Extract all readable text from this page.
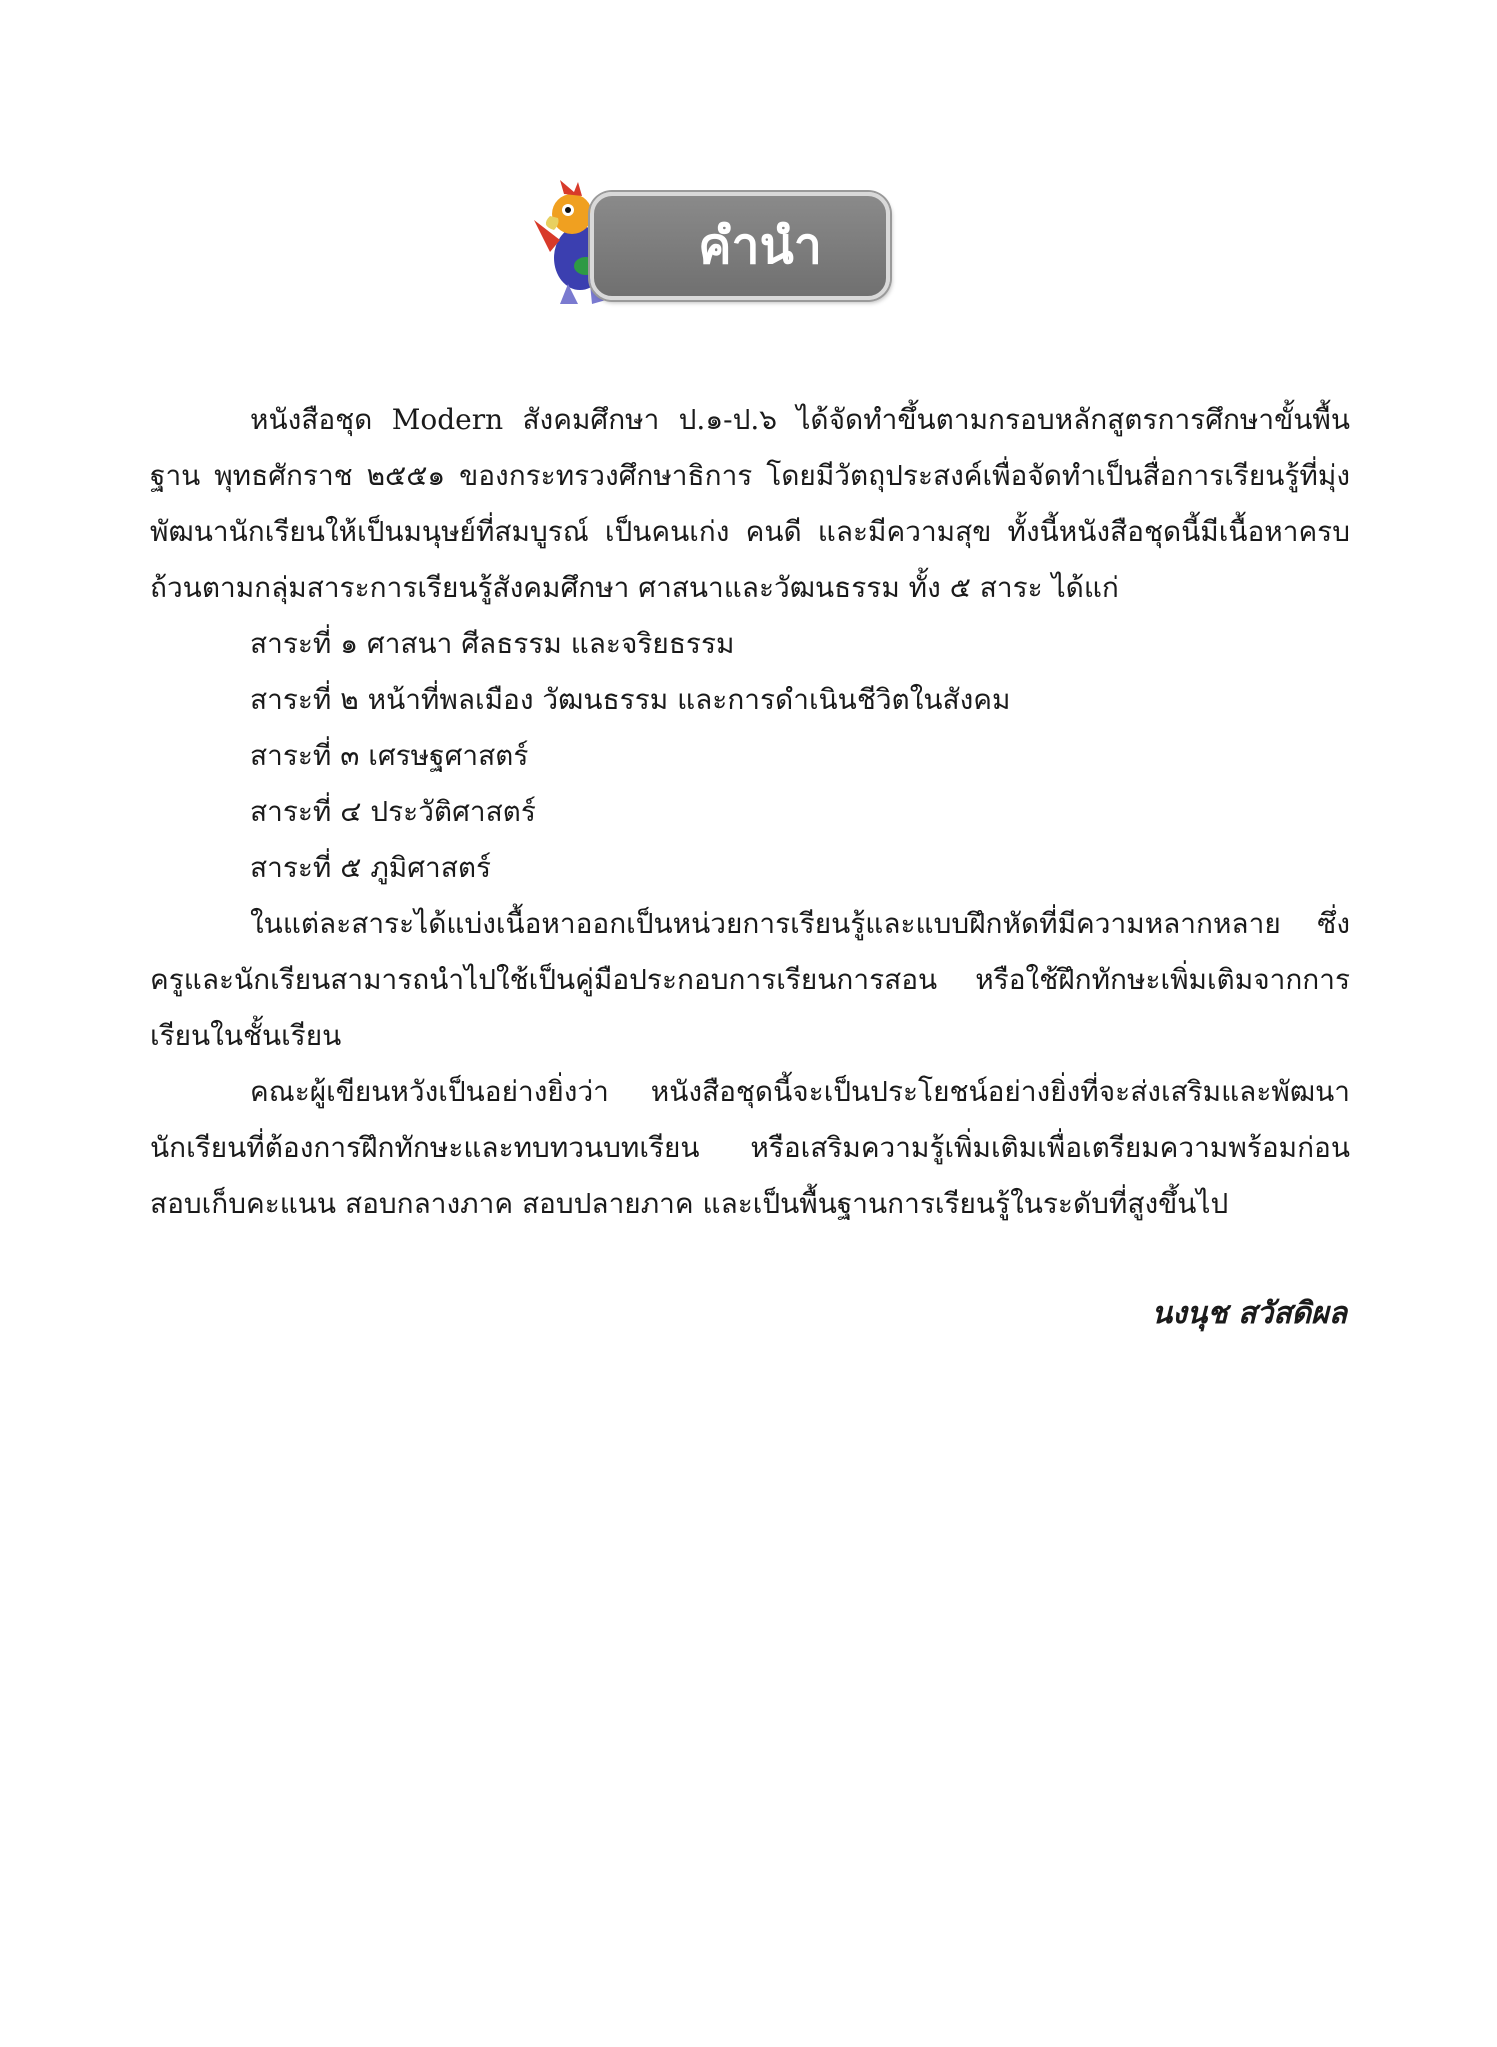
คำนำ

หนังสือชุด Modern สังคมศึกษา ป.๑-ป.๖ ได้จัดทำขึ้นตามกรอบหลักสูตรการศึกษาขั้นพื้นฐาน พุทธศักราช ๒๕๕๑ ของกระทรวงศึกษาธิการ โดยมีวัตถุประสงค์เพื่อจัดทำเป็นสื่อการเรียนรู้ที่มุ่งพัฒนานักเรียนให้เป็นมนุษย์ที่สมบูรณ์ เป็นคนเก่ง คนดี และมีความสุข ทั้งนี้หนังสือชุดนี้มีเนื้อหาครบถ้วนตามกลุ่มสาระการเรียนรู้สังคมศึกษา ศาสนาและวัฒนธรรม ทั้ง ๕ สาระ ได้แก่

สาระที่ ๑ ศาสนา ศีลธรรม และจริยธรรม

สาระที่ ๒ หน้าที่พลเมือง วัฒนธรรม และการดำเนินชีวิตในสังคม

สาระที่ ๓ เศรษฐศาสตร์

สาระที่ ๔ ประวัติศาสตร์

สาระที่ ๕ ภูมิศาสตร์

ในแต่ละสาระได้แบ่งเนื้อหาออกเป็นหน่วยการเรียนรู้และแบบฝึกหัดที่มีความหลากหลาย ซึ่งครูและนักเรียนสามารถนำไปใช้เป็นคู่มือประกอบการเรียนการสอน หรือใช้ฝึกทักษะเพิ่มเติมจากการเรียนในชั้นเรียน

คณะผู้เขียนหวังเป็นอย่างยิ่งว่า หนังสือชุดนี้จะเป็นประโยชน์อย่างยิ่งที่จะส่งเสริมและพัฒนานักเรียนที่ต้องการฝึกทักษะและทบทวนบทเรียน หรือเสริมความรู้เพิ่มเติมเพื่อเตรียมความพร้อมก่อนสอบเก็บคะแนน สอบกลางภาค สอบปลายภาค และเป็นพื้นฐานการเรียนรู้ในระดับที่สูงขึ้นไป

นงนุช สวัสดิผล
